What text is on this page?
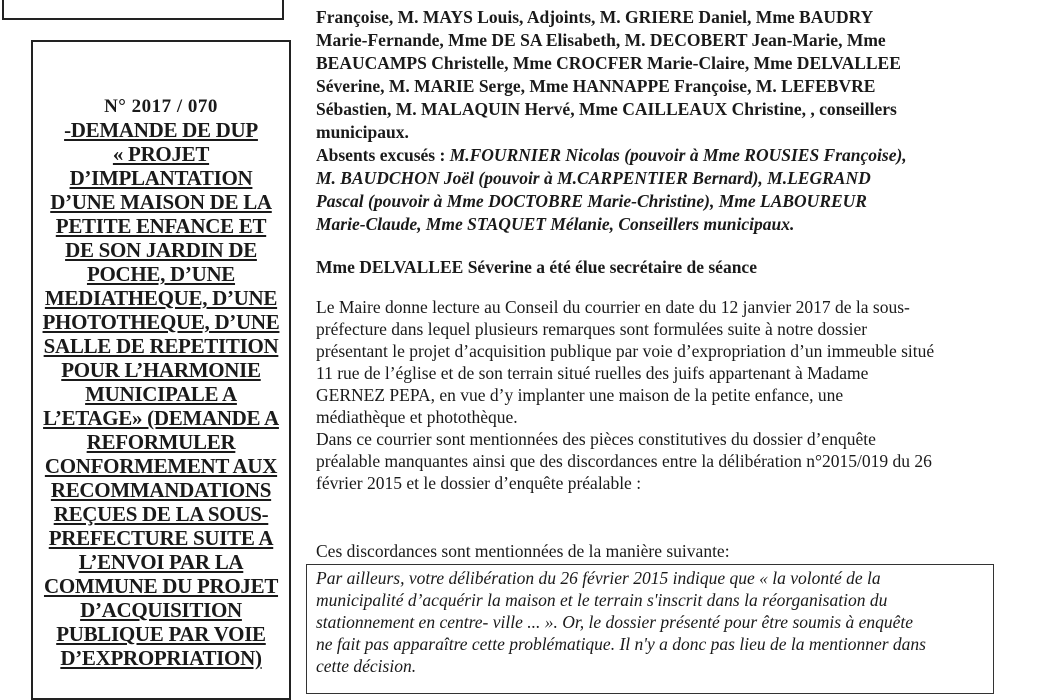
N° 2017 / 070
-DEMANDE DE DUP
« PROJET
D’IMPLANTATION
D’UNE MAISON DE LA
PETITE ENFANCE ET
DE SON JARDIN DE
POCHE, D’UNE
MEDIATHEQUE, D’UNE
PHOTOTHEQUE, D’UNE
SALLE DE REPETITION
POUR L’HARMONIE
MUNICIPALE A
L’ETAGE» (DEMANDE A
REFORMULER
CONFORMEMENT AUX
RECOMMANDATIONS
REÇUES DE LA SOUS-
PREFECTURE SUITE A
L’ENVOI PAR LA
COMMUNE DU PROJET
D’ACQUISITION
PUBLIQUE PAR VOIE
D’EXPROPRIATION)
Françoise, M. MAYS Louis, Adjoints, M. GRIERE Daniel, Mme BAUDRY
Marie-Fernande, Mme DE SA Elisabeth, M. DECOBERT Jean-Marie, Mme
BEAUCAMPS Christelle, Mme CROCFER Marie-Claire, Mme DELVALLEE
Séverine, M. MARIE Serge, Mme HANNAPPE Françoise, M. LEFEBVRE
Sébastien, M. MALAQUIN Hervé, Mme CAILLEAUX Christine, , conseillers
municipaux.
Absents excusés : M.FOURNIER Nicolas (pouvoir à Mme ROUSIES Françoise),
M. BAUDCHON Joël (pouvoir à M.CARPENTIER Bernard), M.LEGRAND
Pascal (pouvoir à Mme DOCTOBRE Marie-Christine), Mme LABOUREUR
Marie-Claude, Mme STAQUET Mélanie, Conseillers municipaux.
Mme DELVALLEE Séverine a été élue secrétaire de séance
Le Maire donne lecture au Conseil du courrier en date du 12 janvier 2017 de la sous-
préfecture dans lequel plusieurs remarques sont formulées suite à notre dossier
présentant le projet d’acquisition publique par voie d’expropriation d’un immeuble situé
11 rue de l’église et de son terrain situé ruelles des juifs appartenant à Madame
GERNEZ PEPA, en vue d’y implanter une maison de la petite enfance, une
médiathèque et photothèque.
Dans ce courrier sont mentionnées des pièces constitutives du dossier d’enquête
préalable manquantes ainsi que des discordances entre la délibération n°2015/019 du 26
février 2015 et le dossier d’enquête préalable :
Ces discordances sont mentionnées de la manière suivante:
Par ailleurs, votre délibération du 26 février 2015 indique que « la volonté de la
municipalité d’acquérir la maison et le terrain s'inscrit dans la réorganisation du
stationnement en centre- ville ... ». Or, le dossier présenté pour être soumis à enquête
ne fait pas apparaître cette problématique. Il n'y a donc pas lieu de la mentionner dans
cette décision.
